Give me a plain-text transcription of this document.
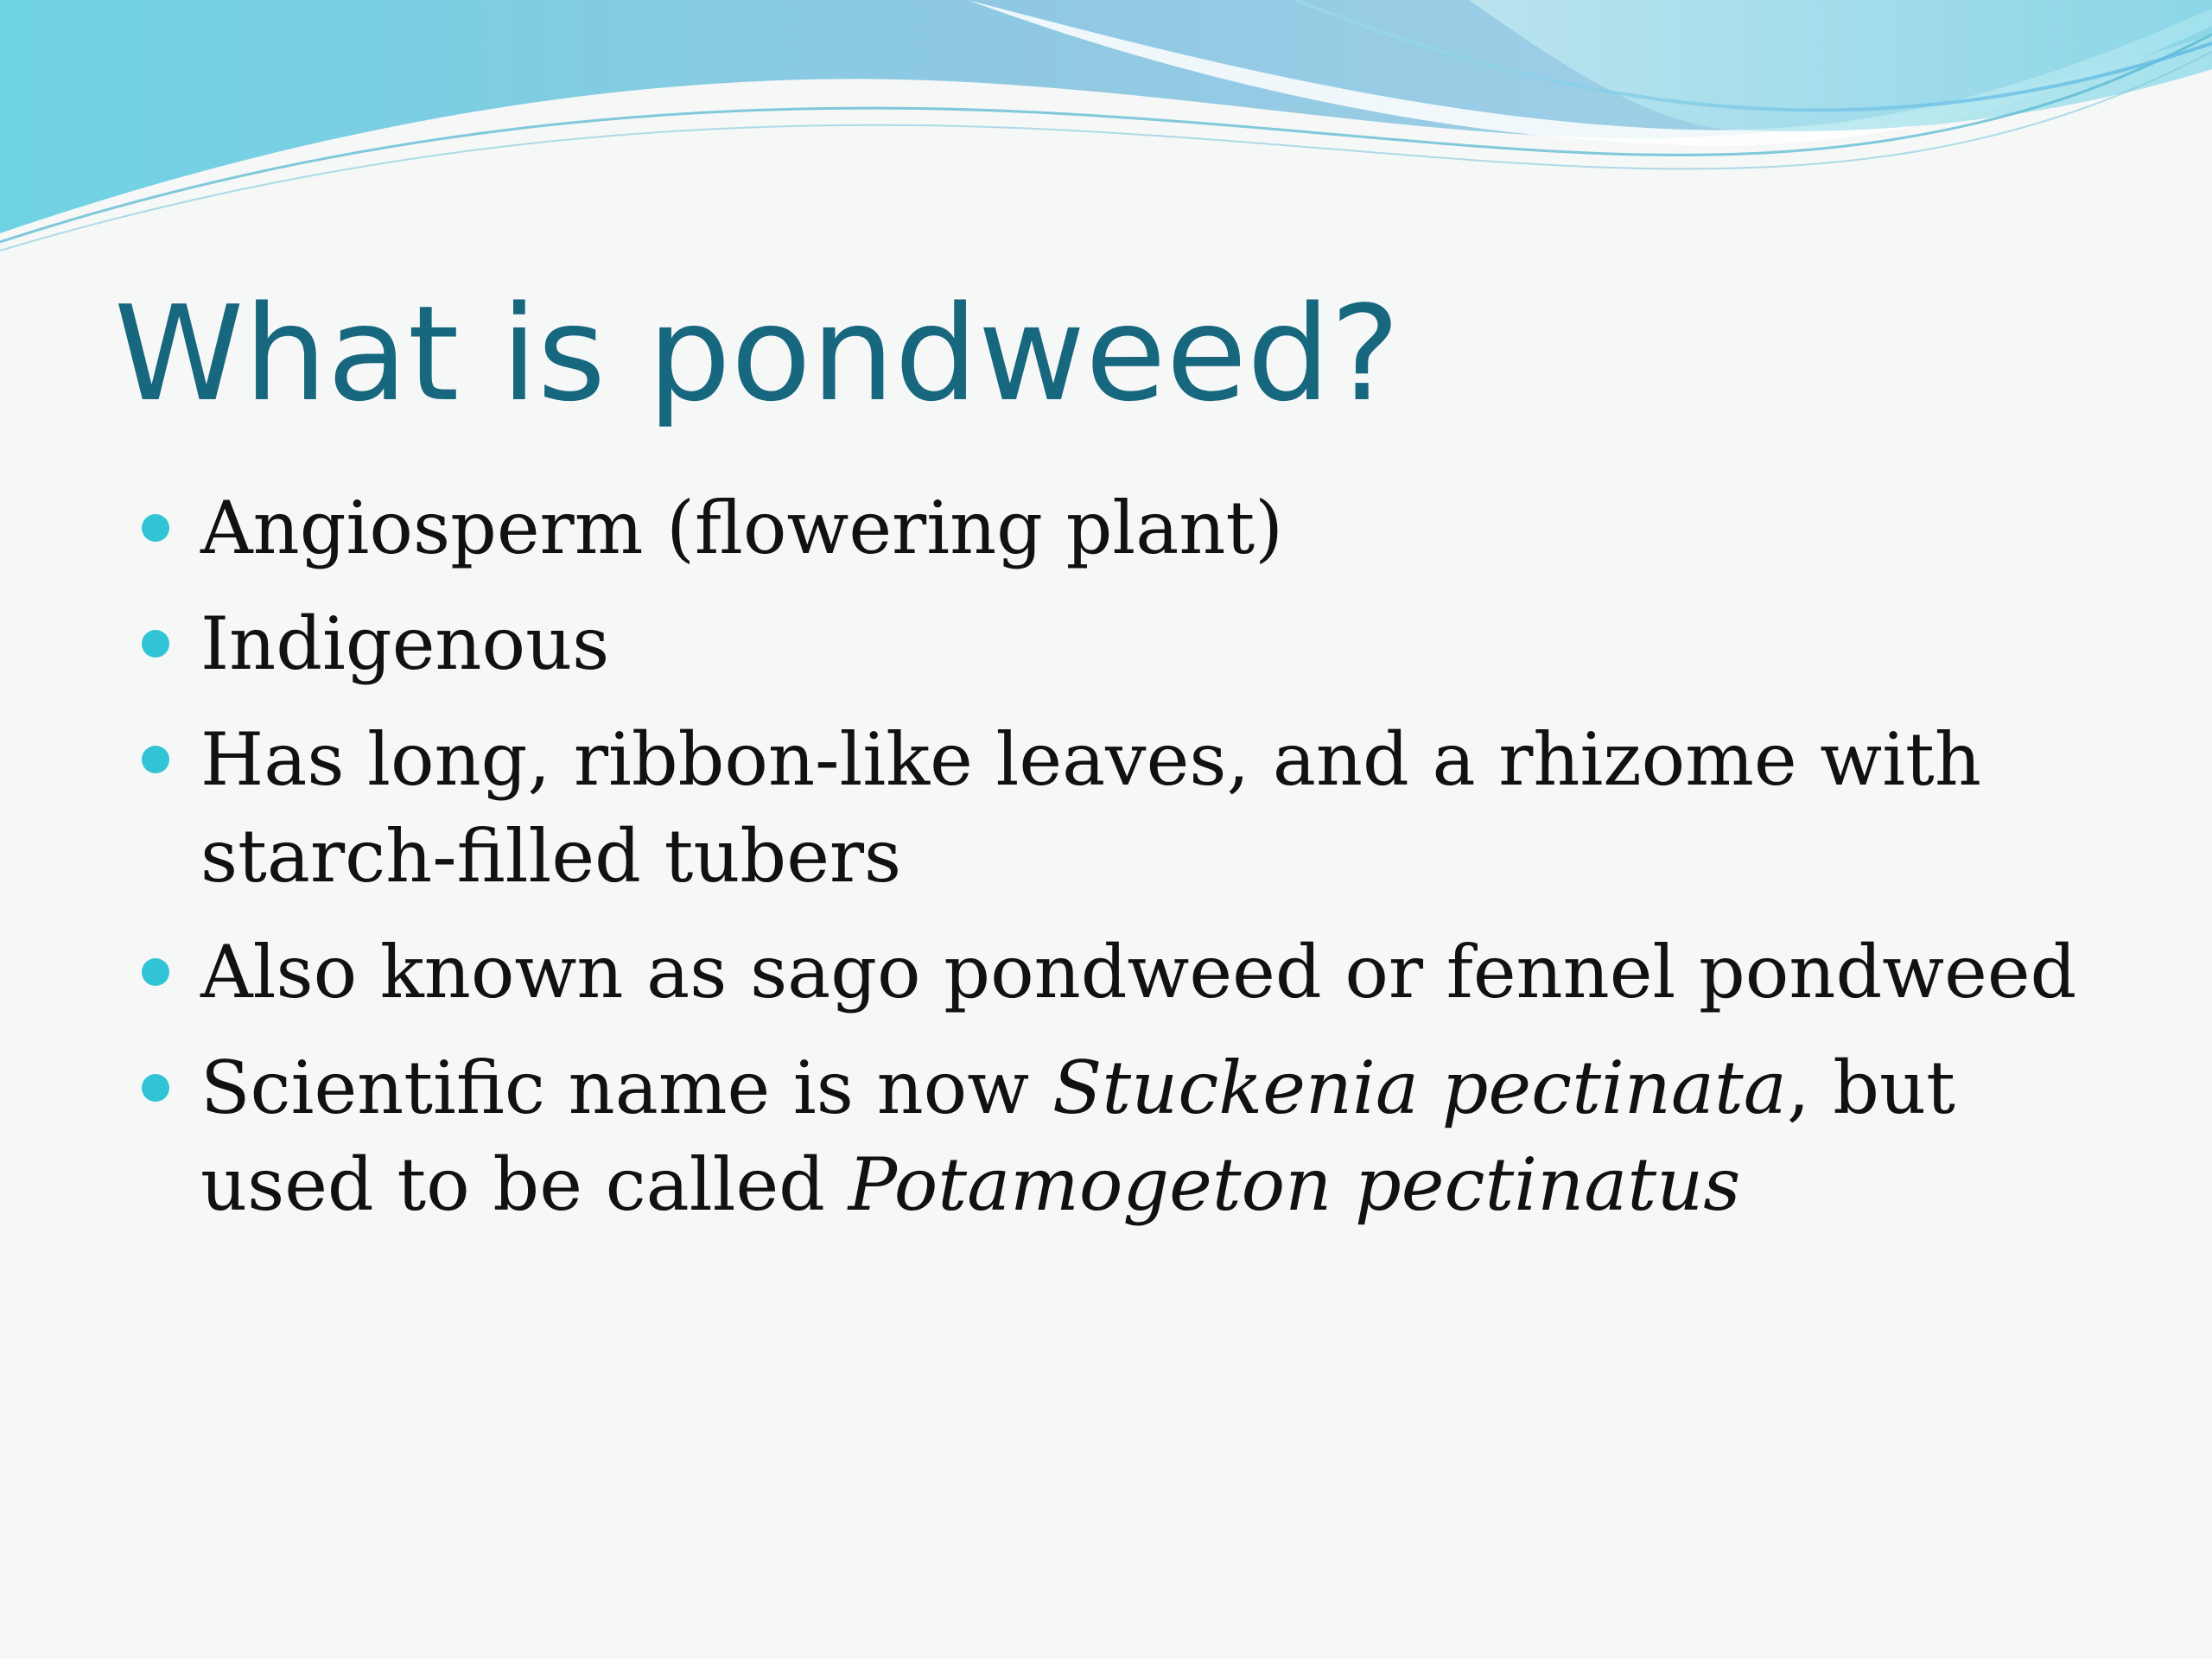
What is pondweed?
Angiosperm (flowering plant)
Indigenous
Has long, ribbon-like leaves, and a rhizome with starch-filled tubers
Also known as sago pondweed or fennel pondweed
Scientific name is now Stuckenia pectinata, but used to be called Potamogeton pectinatus
